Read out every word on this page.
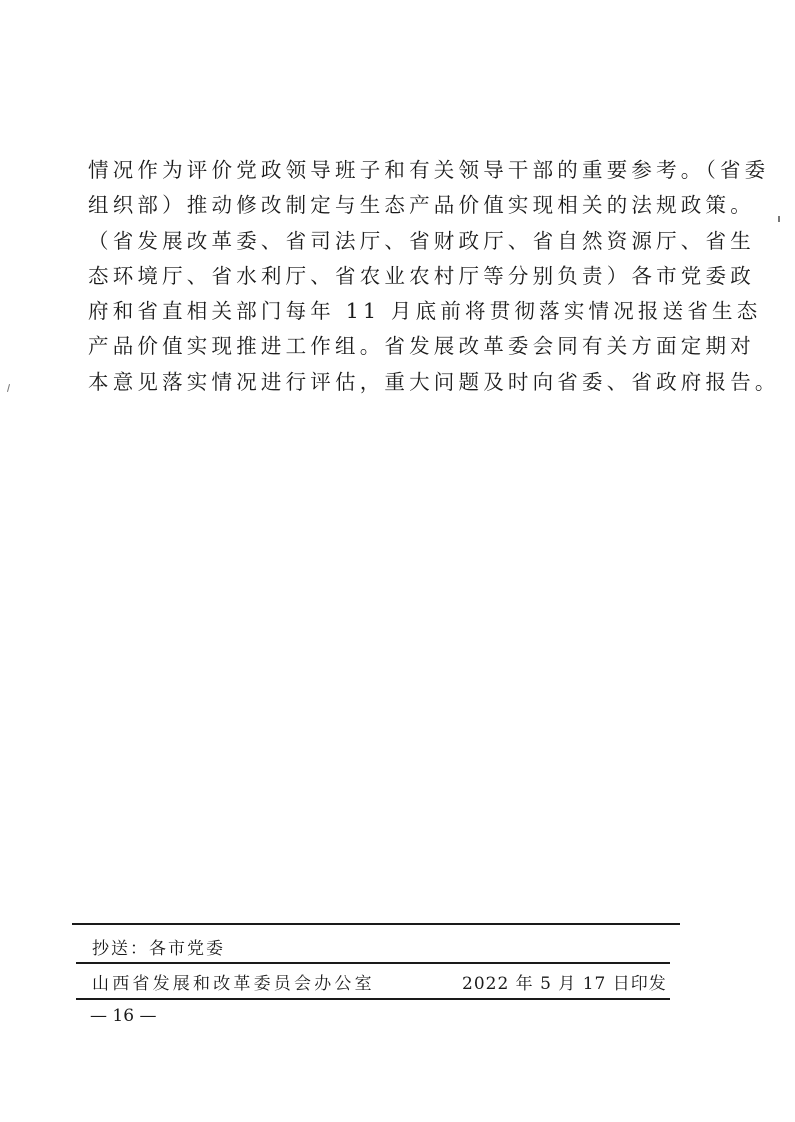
情况作为评价党政领导班子和有关领导干部的重要参考。（省委
组织部）推动修改制定与生态产品价值实现相关的法规政策。
（省发展改革委、省司法厅、省财政厅、省自然资源厅、省生
态环境厅、省水利厅、省农业农村厅等分别负责）各市党委政
府和省直相关部门每年 11 月底前将贯彻落实情况报送省生态
产品价值实现推进工作组。省发展改革委会同有关方面定期对
本意见落实情况进行评估，重大问题及时向省委、省政府报告。
抄送：各市党委
山西省发展和改革委员会办公室	2022 年 5 月 17 日印发
— 16 —
